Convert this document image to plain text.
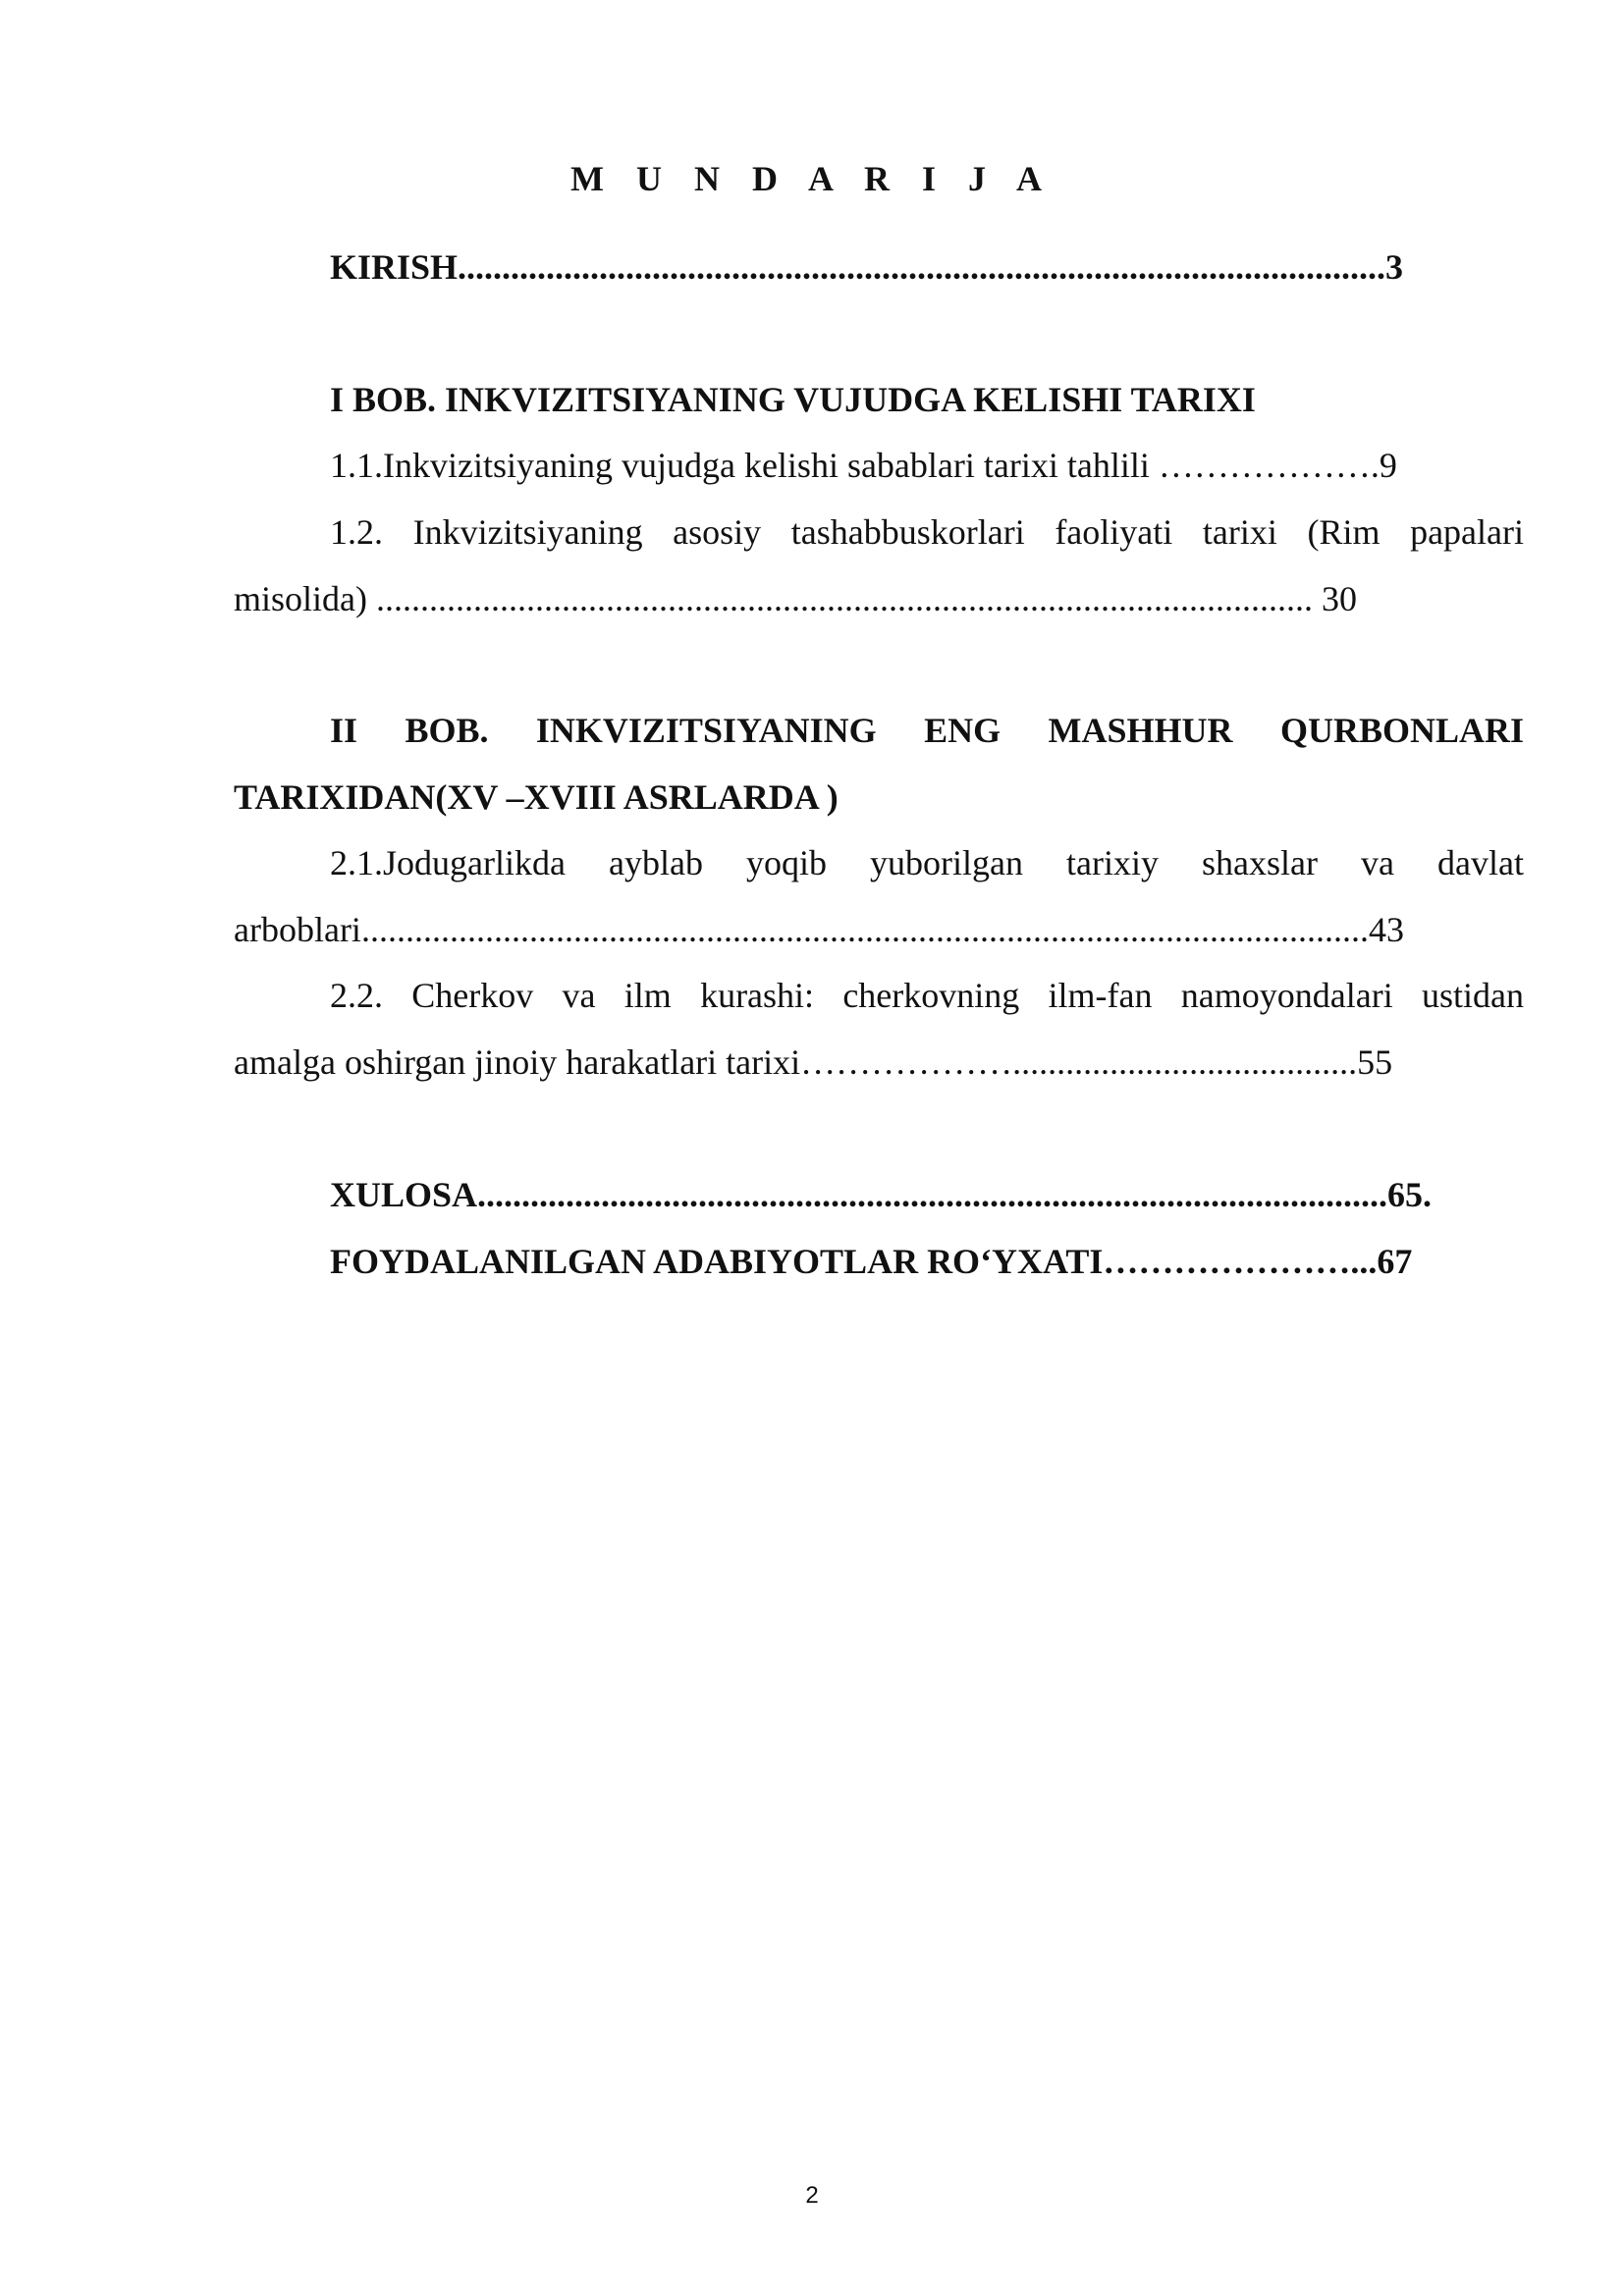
M U N D A R I J A
KIRISH.........................................................................................................3
I BOB. INKVIZITSIYANING VUJUDGA KELISHI TARIXI
1.1.Inkvizitsiyaning vujudga kelishi sabablari tarixi tahlili ……………….9
1.2. Inkvizitsiyaning asosiy tashabbuskorlari faoliyati tarixi (Rim papalari
misolida) .......................................................................................................... 30
II BOB. INKVIZITSIYANING ENG MASHHUR QURBONLARI
TARIXIDAN(XV –XVIII ASRLARDA )
2.1.Jodugarlikda ayblab yoqib yuborilgan tarixiy shaxslar va davlat
arboblari..................................................................................................................43
2.2. Cherkov va ilm kurashi: cherkovning ilm-fan namoyondalari ustidan
amalga oshirgan jinoiy harakatlari tarixi……………….......................................55
XULOSA.......................................................................................................65.
FOYDALANILGAN ADABIYOTLAR RO‘YXATI…………………...67
2
